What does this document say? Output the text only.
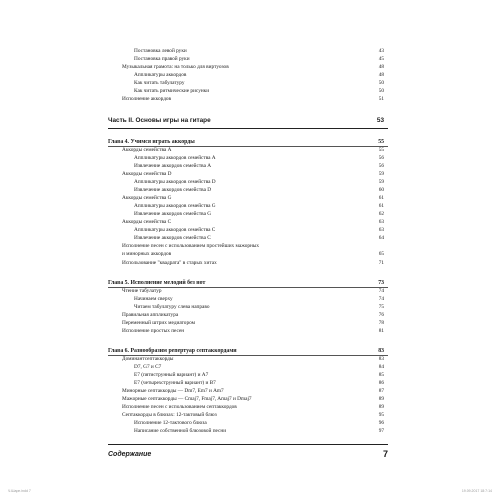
Постановка левой руки	43
Постановка правой руки	45
Музыкальная грамота: на только для виртуозов	48
Аппликатуры аккордов	48
Как читать табулатуру	50
Как читать ритмические рисунки	50
Исполнение аккордов	51
Часть II. Основы игры на гитаре	53
Глава 4. Учимся играть аккорды	55
Аккорды семейства А	55
Аппликатуры аккордов семейства А	56
Извлечение аккордов семейства А	56
Аккорды семейства D	59
Аппликатуры аккордов семейства D	59
Извлечение аккордов семейства D	60
Аккорды семейства G	61
Аппликатуры аккордов семейства G	61
Извлечение аккордов семейства G	62
Аккорды семейства С	63
Аппликатуры аккордов семейства С	63
Извлечение аккордов семейства С	64
Исполнение песен с использованием простейших мажорных
и минорных аккордов	65
Использование "квадрата" в старых хитах	71
Глава 5. Исполнение мелодий без нот	73
Чтение табулатур	74
Начинаем сверху	74
Читаем табулатуру слева направо	75
Правильная аппликатура	76
Переменный штрих медиатором	78
Исполнение простых песен	81
Глава 6. Разнообразим репертуар септаккордами	83
Доминантсептаккорды	83
D7, G7 и С7	84
E7 (пятиструнный вариант) и A7	85
E7 (четырехструнный вариант) и B7	86
Минорные септаккорды — Dm7, Em7 и Am7	87
Мажорные септаккорды — Cmaj7, Fmaj7, Amaj7 и Dmaj7	89
Исполнение песен с использованием септаккордов	89
Септаккорды в блюзах: 12-тактовый блюз	95
Исполнение 12-тактового блюза	96
Написание собственной блюзовой песни	97
Содержание	7
Ч.Шарп.indd 7	19.09.2017 18:7:14
